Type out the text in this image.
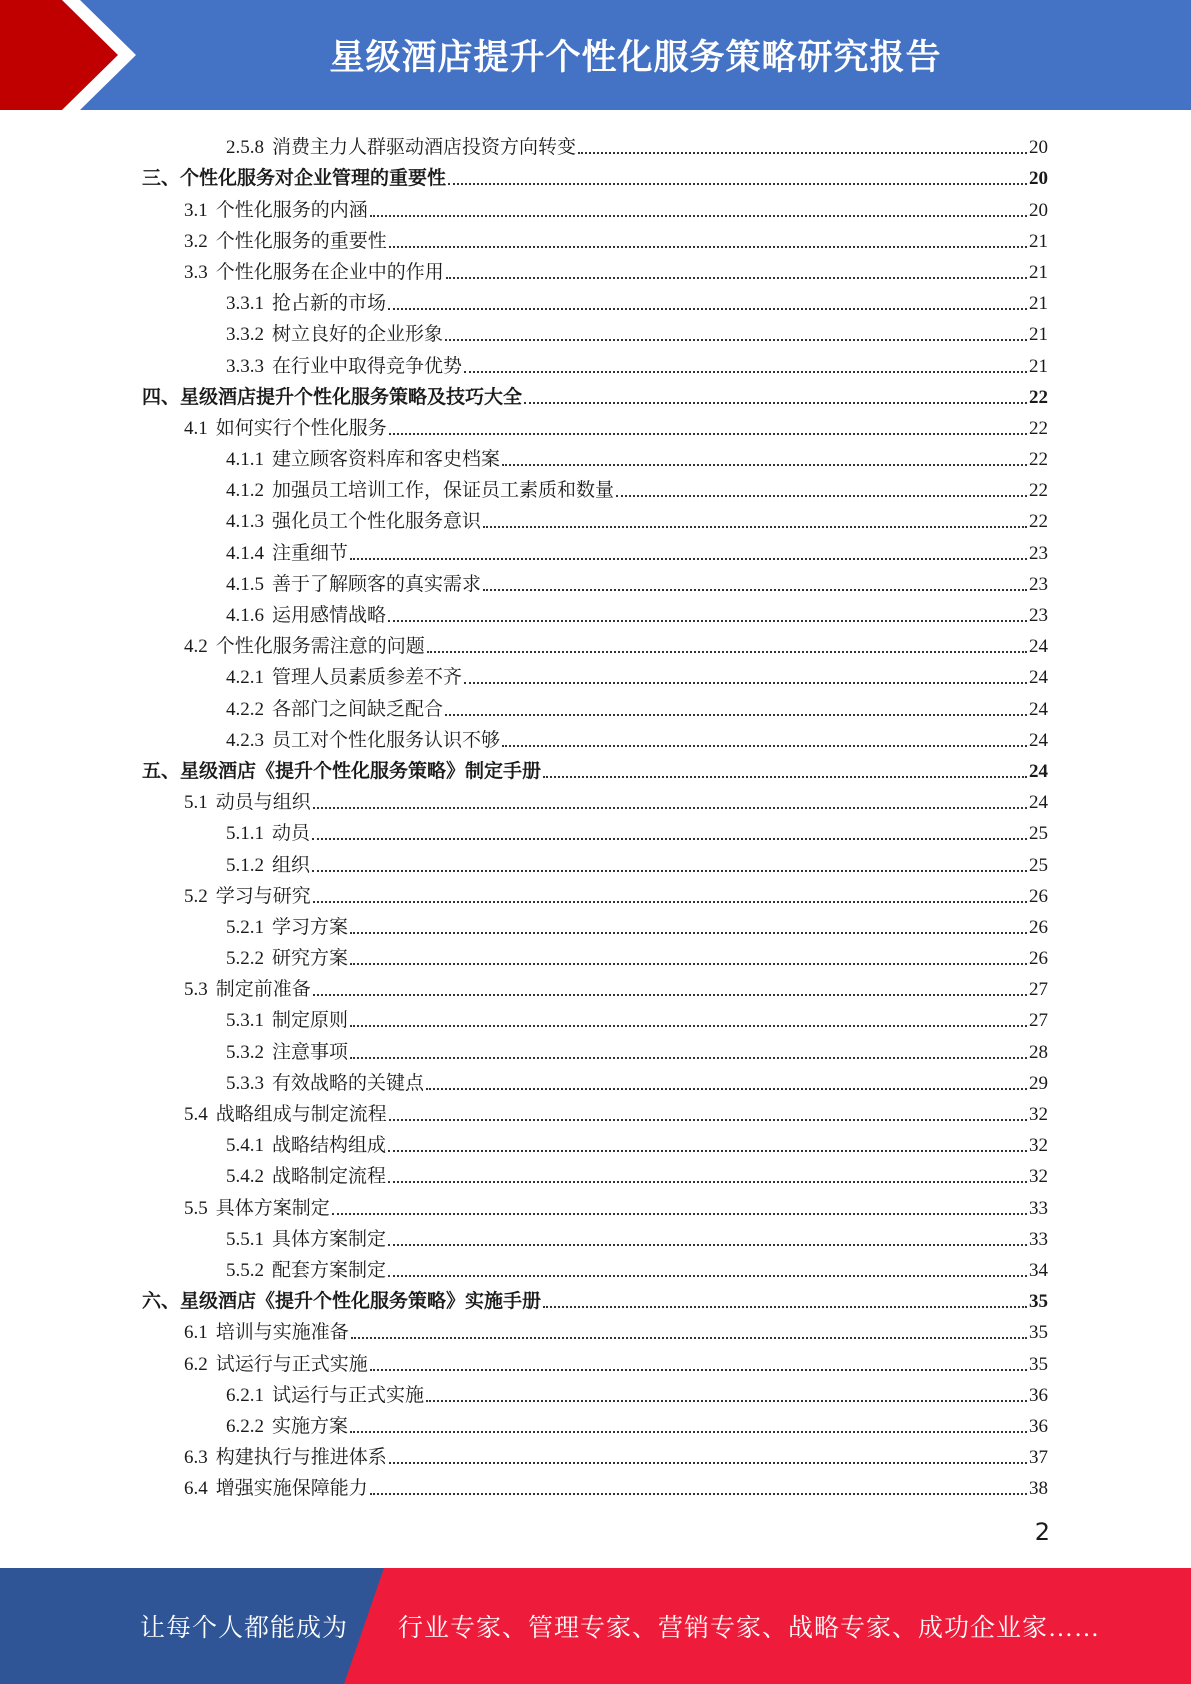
星级酒店提升个性化服务策略研究报告
2.5.8 消费主力人群驱动酒店投资方向转变	20
三、个性化服务对企业管理的重要性	20
3.1 个性化服务的内涵	20
3.2 个性化服务的重要性	21
3.3 个性化服务在企业中的作用	21
3.3.1 抢占新的市场	21
3.3.2 树立良好的企业形象	21
3.3.3 在行业中取得竞争优势	21
四、星级酒店提升个性化服务策略及技巧大全	22
4.1 如何实行个性化服务	22
4.1.1 建立顾客资料库和客史档案	22
4.1.2 加强员工培训工作，保证员工素质和数量	22
4.1.3 强化员工个性化服务意识	22
4.1.4 注重细节	23
4.1.5 善于了解顾客的真实需求	23
4.1.6 运用感情战略	23
4.2 个性化服务需注意的问题	24
4.2.1 管理人员素质参差不齐	24
4.2.2 各部门之间缺乏配合	24
4.2.3 员工对个性化服务认识不够	24
五、星级酒店《提升个性化服务策略》制定手册	24
5.1 动员与组织	24
5.1.1 动员	25
5.1.2 组织	25
5.2 学习与研究	26
5.2.1 学习方案	26
5.2.2 研究方案	26
5.3 制定前准备	27
5.3.1 制定原则	27
5.3.2 注意事项	28
5.3.3 有效战略的关键点	29
5.4 战略组成与制定流程	32
5.4.1 战略结构组成	32
5.4.2 战略制定流程	32
5.5 具体方案制定	33
5.5.1 具体方案制定	33
5.5.2 配套方案制定	34
六、星级酒店《提升个性化服务策略》实施手册	35
6.1 培训与实施准备	35
6.2 试运行与正式实施	35
6.2.1 试运行与正式实施	36
6.2.2 实施方案	36
6.3 构建执行与推进体系	37
6.4 增强实施保障能力	38
2
让每个人都能成为 行业专家、管理专家、营销专家、战略专家、成功企业家……
